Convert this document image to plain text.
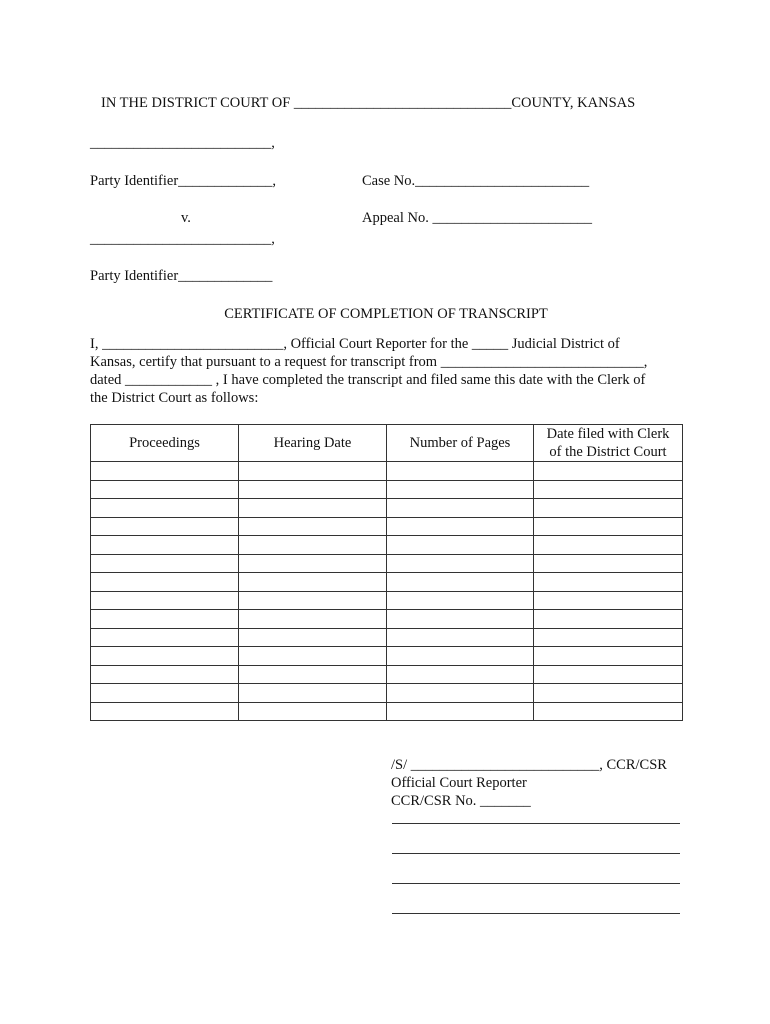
IN THE DISTRICT COURT OF ______________________________COUNTY, KANSAS
_________________________,
Party Identifier_____________,	Case No.________________________
v.	Appeal No. ______________________
_________________________,
Party Identifier_____________
CERTIFICATE OF COMPLETION OF TRANSCRIPT
I, _________________________, Official Court Reporter for the _____ Judicial District of
Kansas, certify that pursuant to a request for transcript from ____________________________,
dated ____________ , I have completed the transcript and filed same this date with the Clerk of
the District Court as follows:
Proceedings	Hearing Date	Number of Pages	Date filed with Clerk
of the District Court

/S/ __________________________, CCR/CSR
Official Court Reporter
CCR/CSR No. _______
